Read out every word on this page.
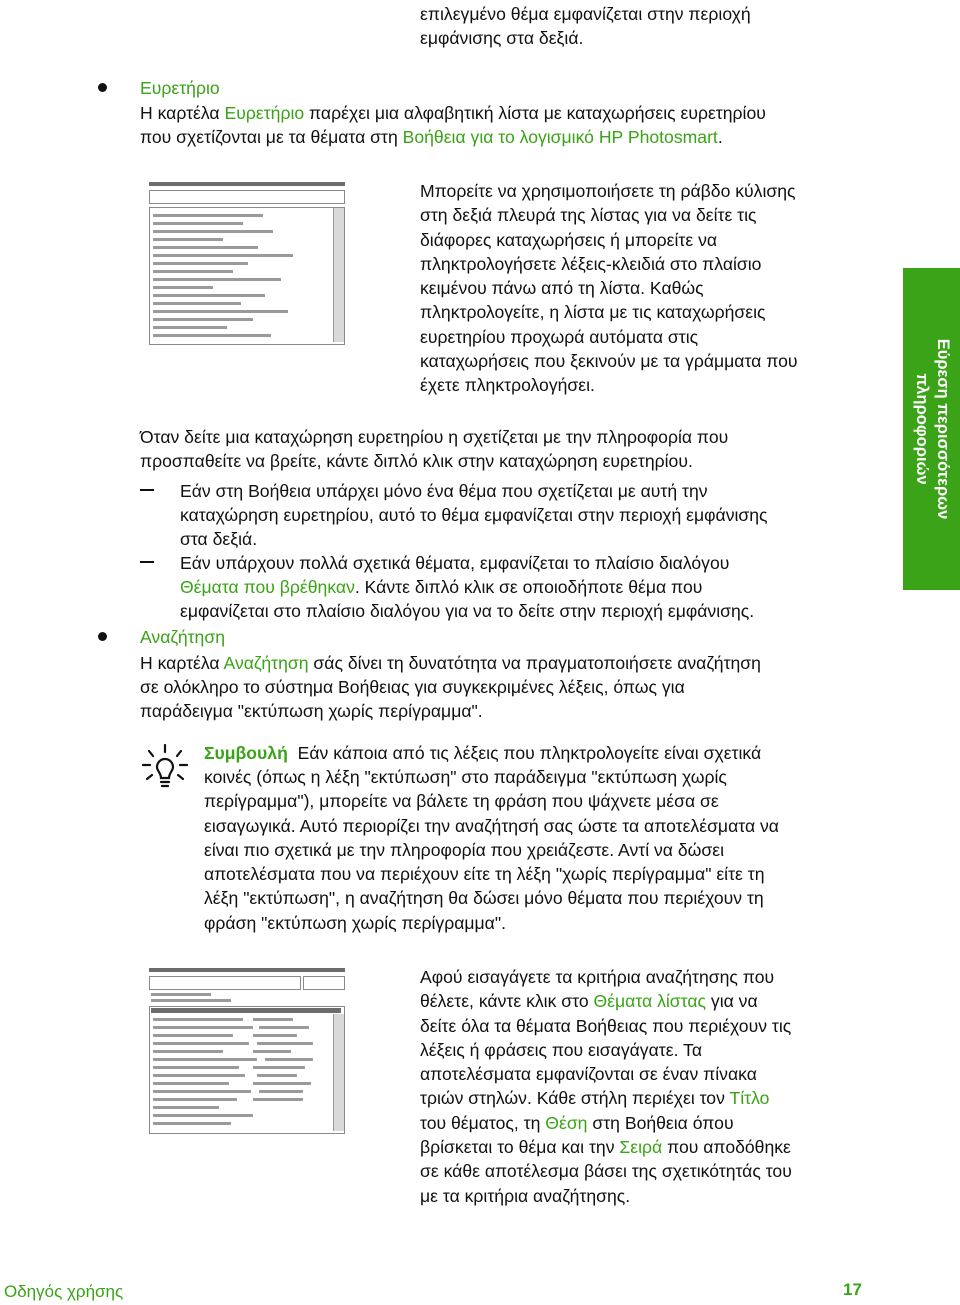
επιλεγμένο θέμα εμφανίζεται στην περιοχή

εμφάνισης στα δεξιά.

Ευρετήριο

Η καρτέλα Ευρετήριο παρέχει μια αλφαβητική λίστα με καταχωρήσεις ευρετηρίου

που σχετίζονται με τα θέματα στη Βοήθεια για το λογισμικό HP Photosmart.

Μπορείτε να χρησιμοποιήσετε τη ράβδο κύλισης

στη δεξιά πλευρά της λίστας για να δείτε τις

διάφορες καταχωρήσεις ή μπορείτε να

πληκτρολογήσετε λέξεις-κλειδιά στο πλαίσιο

κειμένου πάνω από τη λίστα. Καθώς

πληκτρολογείτε, η λίστα με τις καταχωρήσεις

ευρετηρίου προχωρά αυτόματα στις

καταχωρήσεις που ξεκινούν με τα γράμματα που

έχετε πληκτρολογήσει.

Όταν δείτε μια καταχώρηση ευρετηρίου η σχετίζεται με την πληροφορία που

προσπαθείτε να βρείτε, κάντε διπλό κλικ στην καταχώρηση ευρετηρίου.

Εάν στη Βοήθεια υπάρχει μόνο ένα θέμα που σχετίζεται με αυτή την

καταχώρηση ευρετηρίου, αυτό το θέμα εμφανίζεται στην περιοχή εμφάνισης

στα δεξιά.

Εάν υπάρχουν πολλά σχετικά θέματα, εμφανίζεται το πλαίσιο διαλόγου

Θέματα που βρέθηκαν. Κάντε διπλό κλικ σε οποιοδήποτε θέμα που

εμφανίζεται στο πλαίσιο διαλόγου για να το δείτε στην περιοχή εμφάνισης.

Αναζήτηση

Η καρτέλα Αναζήτηση σάς δίνει τη δυνατότητα να πραγματοποιήσετε αναζήτηση

σε ολόκληρο το σύστημα Βοήθειας για συγκεκριμένες λέξεις, όπως για

παράδειγμα "εκτύπωση χωρίς περίγραμμα".

Συμβουλή  Εάν κάποια από τις λέξεις που πληκτρολογείτε είναι σχετικά

κοινές (όπως η λέξη "εκτύπωση" στο παράδειγμα "εκτύπωση χωρίς

περίγραμμα"), μπορείτε να βάλετε τη φράση που ψάχνετε μέσα σε

εισαγωγικά. Αυτό περιορίζει την αναζήτησή σας ώστε τα αποτελέσματα να

είναι πιο σχετικά με την πληροφορία που χρειάζεστε. Αντί να δώσει

αποτελέσματα που να περιέχουν είτε τη λέξη "χωρίς περίγραμμα" είτε τη

λέξη "εκτύπωση", η αναζήτηση θα δώσει μόνο θέματα που περιέχουν τη

φράση "εκτύπωση χωρίς περίγραμμα".

Αφού εισαγάγετε τα κριτήρια αναζήτησης που

θέλετε, κάντε κλικ στο Θέματα λίστας για να

δείτε όλα τα θέματα Βοήθειας που περιέχουν τις

λέξεις ή φράσεις που εισαγάγατε. Τα

αποτελέσματα εμφανίζονται σε έναν πίνακα

τριών στηλών. Κάθε στήλη περιέχει τον Τίτλο

του θέματος, τη Θέση στη Βοήθεια όπου

βρίσκεται το θέμα και την Σειρά που αποδόθηκε

σε κάθε αποτέλεσμα βάσει της σχετικότητάς του

με τα κριτήρια αναζήτησης.

Εύρεση περισσότερων
πληροφοριών

Οδηγός χρήσης	17
